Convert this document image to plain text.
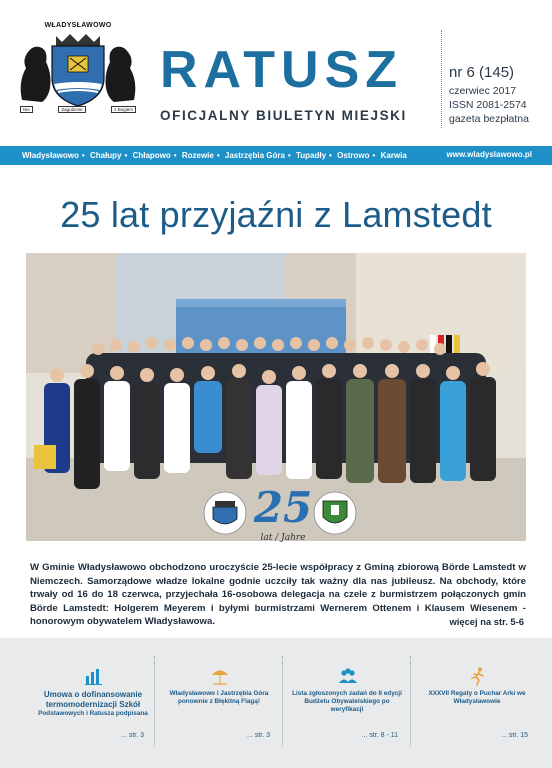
WŁADYSŁAWOWO
Nie	Zagubione	z Bogiem
RATUSZ
OFICJALNY BIULETYN MIEJSKI
nr 6 (145)
czerwiec 2017
ISSN 2081-2574
gazeta bezpłatna
Władysławowo • Chałupy • Chłapowo • Rozewie • Jastrzębia Góra • Tupadły • Ostrowo • Karwia	www.wladyslawowo.pl
25 lat przyjaźni z Lamstedt
25
lat / Jahre
W Gminie Władysławowo obchodzono uroczyście 25-lecie współpracy z Gminą zbiorową Börde Lamstedt w Niemczech. Samorządowe władze lokalne godnie uczciły tak ważny dla nas jubileusz. Na obchody, które trwały od 16 do 18 czerwca, przyjechała 16-osobowa delegacja na czele z burmistrzem połączonych gmin Börde Lamstedt: Holgerem Meyerem i byłymi burmistrzami Wernerem Ottenem i Klausem Wiesenem - honorowym obywatelem Władysławowa.	więcej na str. 5-6
Umowa o dofinansowanie termomodernizacji Szkół
Podstawowych i Ratusza podpisana
... str. 3
Władysławowo i Jastrzębia Góra ponownie z Błękitną Flagą!
... str. 3
Lista zgłoszonych zadań do II edycji Budżetu Obywatelskiego po weryfikacji
... str. 8 - 11
XXXVII Regaty o Puchar Arki we Władysławowie
... str. 15
